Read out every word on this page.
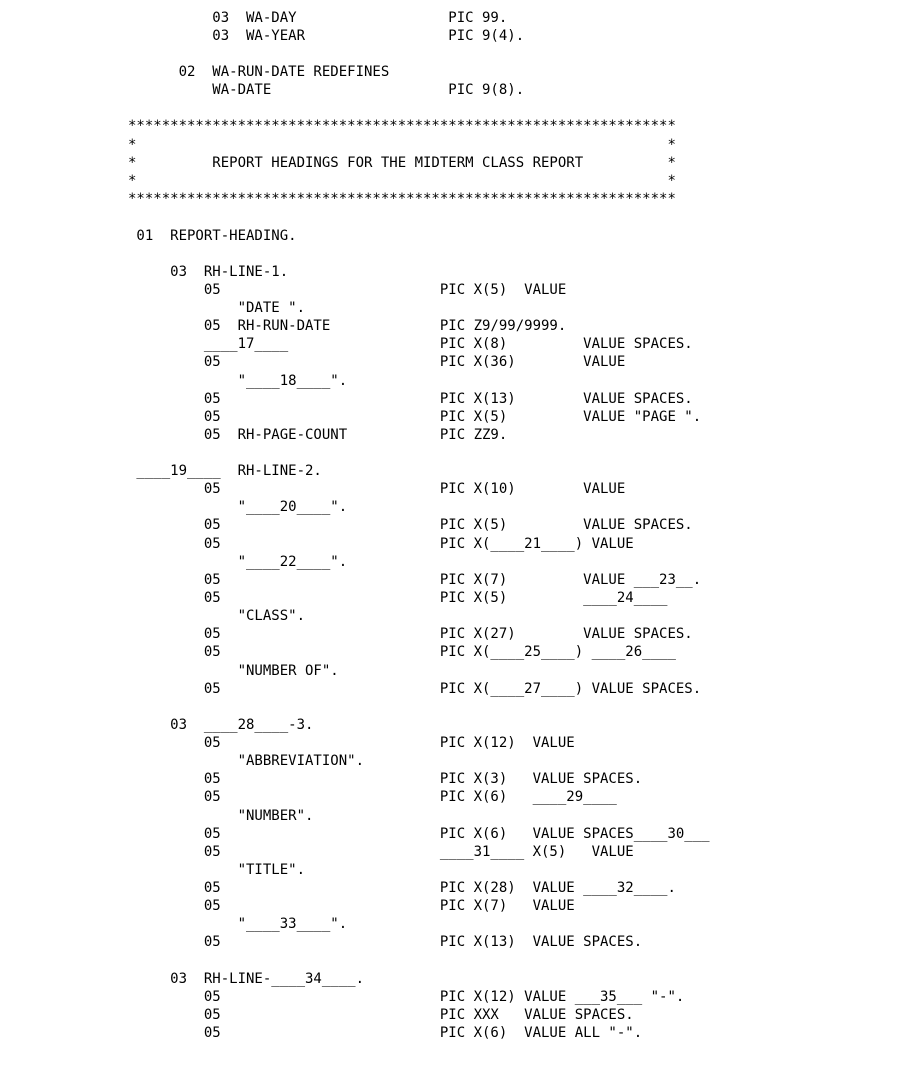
03  WA-DAY                  PIC 99.
03  WA-YEAR                 PIC 9(4).
02  WA-RUN-DATE REDEFINES
WA-DATE                     PIC 9(8).
*****************************************************************
*                                                               *
*         REPORT HEADINGS FOR THE MIDTERM CLASS REPORT          *
*                                                               *
*****************************************************************
01  REPORT-HEADING.
03  RH-LINE-1.
05                          PIC X(5)  VALUE
"DATE ".
05  RH-RUN-DATE             PIC Z9/99/9999.
____17____                  PIC X(8)         VALUE SPACES.
05                          PIC X(36)        VALUE
"____18____".
05                          PIC X(13)        VALUE SPACES.
05                          PIC X(5)         VALUE "PAGE ".
05  RH-PAGE-COUNT           PIC ZZ9.
____19____  RH-LINE-2.
05                          PIC X(10)        VALUE
"____20____".
05                          PIC X(5)         VALUE SPACES.
05                          PIC X(____21____) VALUE
"____22____".
05                          PIC X(7)         VALUE ___23__.
05                          PIC X(5)         ____24____
"CLASS".
05                          PIC X(27)        VALUE SPACES.
05                          PIC X(____25____) ____26____
"NUMBER OF".
05                          PIC X(____27____) VALUE SPACES.
03  ____28____-3.
05                          PIC X(12)  VALUE
"ABBREVIATION".
05                          PIC X(3)   VALUE SPACES.
05                          PIC X(6)   ____29____
"NUMBER".
05                          PIC X(6)   VALUE SPACES____30___
05                          ____31____ X(5)   VALUE
"TITLE".
05                          PIC X(28)  VALUE ____32____.
05                          PIC X(7)   VALUE
"____33____".
05                          PIC X(13)  VALUE SPACES.
03  RH-LINE-____34____.
05                          PIC X(12) VALUE ___35___ "-".
05                          PIC XXX   VALUE SPACES.
05                          PIC X(6)  VALUE ALL "-".
